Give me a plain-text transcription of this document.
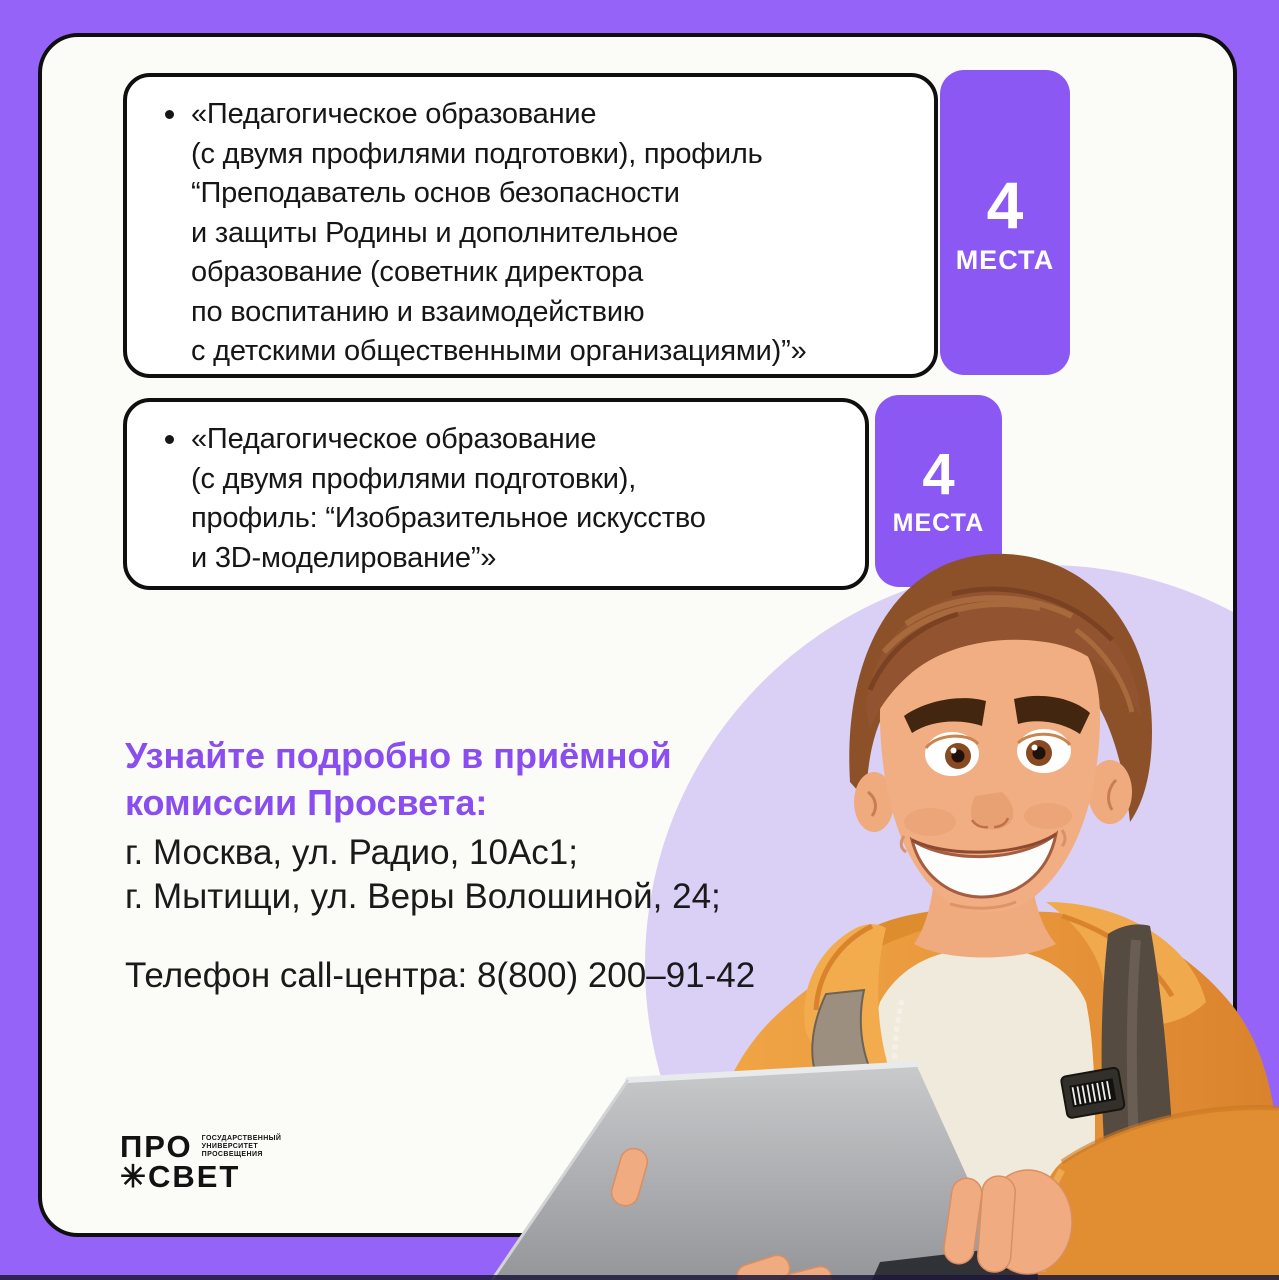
«Педагогическое образование
(с двумя профилями подготовки), профиль
“Преподаватель основ безопасности
и защиты Родины и дополнительное
образование (советник директора
по воспитанию и взаимодействию
с детскими общественными организациями)”»
4
МЕСТА
«Педагогическое образование
(с двумя профилями подготовки),
профиль: “Изобразительное искусство
и 3D-моделирование”»
4
МЕСТА
Узнайте подробно в приёмной
комиссии Просвета:
г. Москва, ул. Радио, 10Ас1;
г. Мытищи, ул. Веры Волошиной, 24;
Телефон call-центра: 8(800) 200–91-42
ПРО ГОСУДАРСТВЕННЫЙ
УНИВЕРСИТЕТ
ПРОСВЕЩЕНИЯ
✳ СВЕТ
